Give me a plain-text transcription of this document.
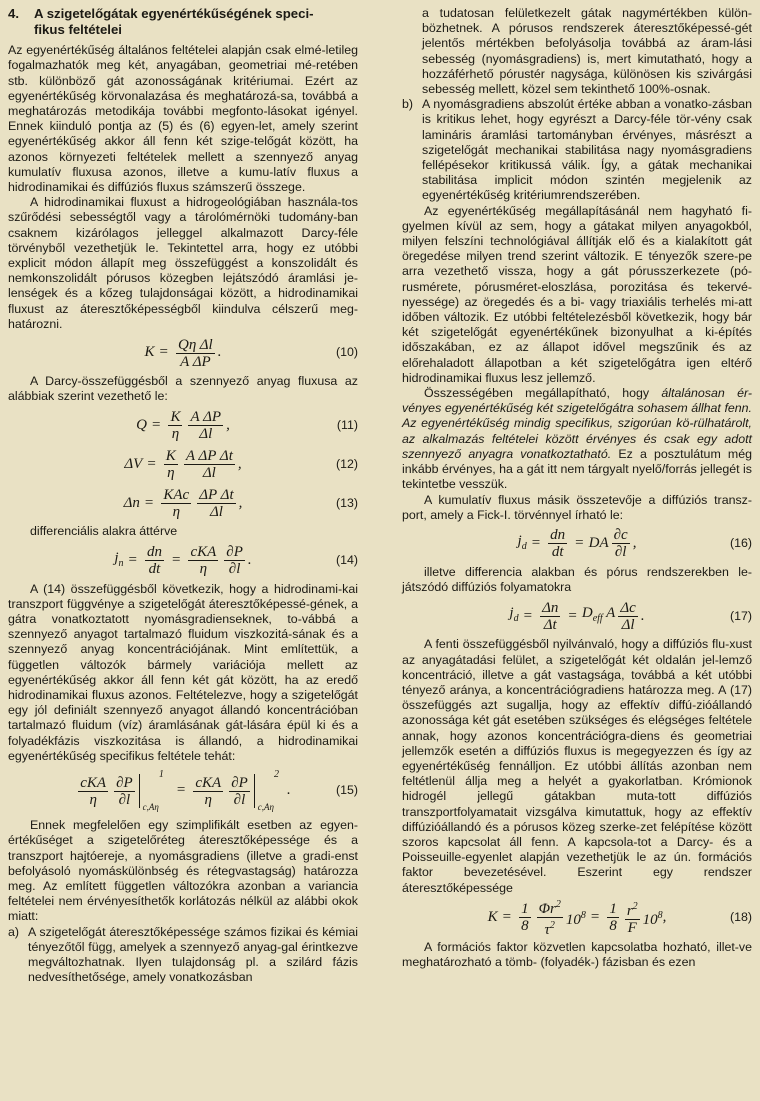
4. A szigetelőgátak egyenértékűségének speci-
fikus feltételei

Az egyenértékűség általános feltételei alapján csak elmé-letileg fogalmazhatók meg két, anyagában, geometriai mé-retében stb. különböző gát azonosságának kritériumai. Ezért az egyenértékűség körvonalazása és meghatározá-sa, továbbá a meghatározás metodikája további megfonto-lásokat igényel. Ennek kiinduló pontja az (5) és (6) egyen-let, amely szerint egyenértékűség akkor áll fenn két szige-telőgát között, ha azonos környezeti feltételek mellett a szennyező anyag kumulatív fluxusa azonos, illetve a kumu-latív fluxus a hidrodinamikai és diffúziós fluxus számszerű összege.

A hidrodinamikai fluxust a hidrogeológiában használa-tos szűrődési sebességtől vagy a tárolómérnöki tudomány-ban csaknem kizárólagos jelleggel alkalmazott Darcy-féle törvényből vezethetjük le. Tekintettel arra, hogy ez utóbbi explicit módon állapít meg összefüggést a konszolidált és nemkonszolidált pórusos közegben lejátszódó áramlási je-lenségek és a kőzeg tulajdonságai között, a hidrodinamikai fluxust az áteresztőképességből kiindulva célszerű meg-határozni.

$K = \frac{\text{Qη Δl}}{\text{A ΔP}}$ .	(10)

A Darcy-összefüggésből a szennyező anyag fluxusa az alábbiak szerint vezethető le:

$Q = \frac{K}{\eta} \frac{\text{A ΔP}}{\Delta l}$ ,	(11)
$\Delta V = \frac{K}{\eta} \frac{\text{A ΔP Δt}}{\Delta l}$ ,	(12)
$\Delta n = \frac{\text{KAc}}{\eta} \frac{\text{ΔP Δt}}{\Delta l}$ ,	(13)

differenciális alakra áttérve

$j_n = \frac{dn}{dt} = \frac{\text{cKA}}{\eta} \frac{\partial P}{\partial l}$ .	(14)

A (14) összefüggésből következik, hogy a hidrodinami-kai transzport függvénye a szigetelőgát áteresztőképessé-gének, a gátra vonatkoztatott nyomásgradienseknek, to-vábbá a szennyező anyagot tartalmazó fluidum viszkozitá-sának és a szennyező anyag koncentrációjának. Mint említettük, a független változók bármely variációja mellett az egyenértékűség akkor áll fenn két gát között, ha az eredő hidrodinamikai fluxus azonos. Feltételezve, hogy a szigetelőgát egy jól definiált szennyező anyagot állandó koncentrációban tartalmazó fluidum (víz) áramlásának gát-lására épül ki és a folyadékfázis viszkozitása is állandó, a hidrodinamikai egyenértékűség specifikus feltétele tehát:

$\frac{\text{cKA}}{\eta} \frac{\partial P}{\partial l} c,A\eta$
1
= $\frac{\text{cKA}}{\eta} \frac{\partial P}{\partial l} c,A\eta$
2
.	(15)

Ennek megfelelően egy szimplifikált esetben az egyen-értékűséget a szigetelőréteg áteresztőképessége és a transzport hajtóereje, a nyomásgradiens (illetve a gradi-enst befolyásoló nyomáskülönbség és rétegvastagság) határozza meg. Az említett független változókra azonban a variancia feltételei nem érvényesíthetők korlátozás nélkül az alábbi okok miatt:

a) A szigetelőgát áteresztőképessége számos fizikai és kémiai tényezőtől függ, amelyek a szennyező anyag-gal érintkezve megváltozhatnak. Ilyen tulajdonság pl. a szilárd fázis nedvesíthetősége, amely vonatkozásban

a tudatosan felületkezelt gátak nagymértékben külön-bözhetnek. A pórusos rendszerek áteresztőképessé-gét jelentős mértékben befolyásolja továbbá az áram-lási sebesség (nyomásgradiens) is, mert kimutatható, hogy a hozzáférhető pórustér nagysága, különösen kis szivárgási sebesség mellett, közel sem tekinthető 100%-osnak.

b) A nyomásgradiens abszolút értéke abban a vonatko-zásban is kritikus lehet, hogy egyrészt a Darcy-féle tör-vény csak lamináris áramlási tartományban érvényes, másrészt a szigetelőgát mechanikai stabilitása nagy nyomásgradiens fellépésekor kritikussá válik. Így, a gátak mechanikai stabilitása implicit módon szintén megjelenik az egyenértékűség kritériumrendszerében.

Az egyenértékűség megállapításánál nem hagyható fi-gyelmen kívül az sem, hogy a gátakat milyen anyagokból, milyen felszíni technológiával állítják elő és a kialakított gát öregedése milyen trend szerint változik. E tényezők szere-pe arra vezethető vissza, hogy a gát pórusszerkezete (pó-rusmérete, pórusméret-eloszlása, porozitása és tekervé-nyessége) az öregedés és a bi- vagy triaxiális terhelés mi-att időben változik. Ez utóbbi feltételezésből következik, hogy bár két szigetelőgát egyenértékűnek bizonyulhat a ki-építés időszakában, ez az állapot idővel megszűnik és az előrehaladott állapotban a két szigetelőgátra igen eltérő hidrodinamikai fluxus lesz jellemző.

Összességében megállapítható, hogy általánosan ér-vényes egyenértékűség két szigetelőgátra sohasem állhat fenn. Az egyenértékűség mindig specifikus, szigorúan kö-rülhatárolt, az alkalmazás feltételei között érvényes és csak egy adott szennyező anyagra vonatkoztatható. Ez a posztulátum még inkább érvényes, ha a gát itt nem tárgyalt nyelő/forrás jellegét is tekintetbe vesszük.

A kumulatív fluxus másik összetevője a diffúziós transz-port, amely a Fick-I. törvénnyel írható le:

$j_d = \frac{dn}{dt}$ = DA $\frac{\partial c}{\partial l}$ ,	(16)

illetve differencia alakban és pórus rendszerekben le-játszódó diffúziós folyamatokra

$j_d = \frac{\Delta n}{\Delta t} = D_{eff}$ A $\frac{\Delta c}{\Delta l}$ .	(17)

A fenti összefüggésből nyilvánvaló, hogy a diffúziós flu-xust az anyagátadási felület, a szigetelőgát két oldalán jel-lemző koncentráció, illetve a gát vastagsága, továbbá a két utóbbi tényező aránya, a koncentrációgradiens határozza meg. A (17) összefüggés azt sugallja, hogy az effektív diffú-zióállandó azonossága két gát esetében szükséges és elégséges feltétele annak, hogy azonos koncentrációgra-diens és geometriai jellemzők esetén a diffúziós fluxus is megegyezzen és így az egyenértékűség fennálljon. Ez utóbbi állítás azonban nem feltétlenül állja meg a helyét a gyakorlatban. Krómionok hidrogél jellegű gátakban muta-tott diffúziós transzportfolyamatait vizsgálva kimutattuk, hogy az effektív diffúzióállandó és a pórusos közeg szerke-zet felépítése között szoros kapcsolat áll fenn. A kapcsola-tot a Darcy- és a Poisseuille-egyenlet alapján vezethetjük le az ún. formációs faktor bevezetésével. Eszerint egy rendszer áteresztőképessége

$K = \frac{1}{8} \frac{\Phi r^2}{\tau^2} 10^8 = \frac{1}{8} \frac{r^2}{F} 10^8$ ,	(18)

A formációs faktor közvetlen kapcsolatba hozható, illet-ve meghatározható a tömb- (folyadék-) fázisban és ezen
